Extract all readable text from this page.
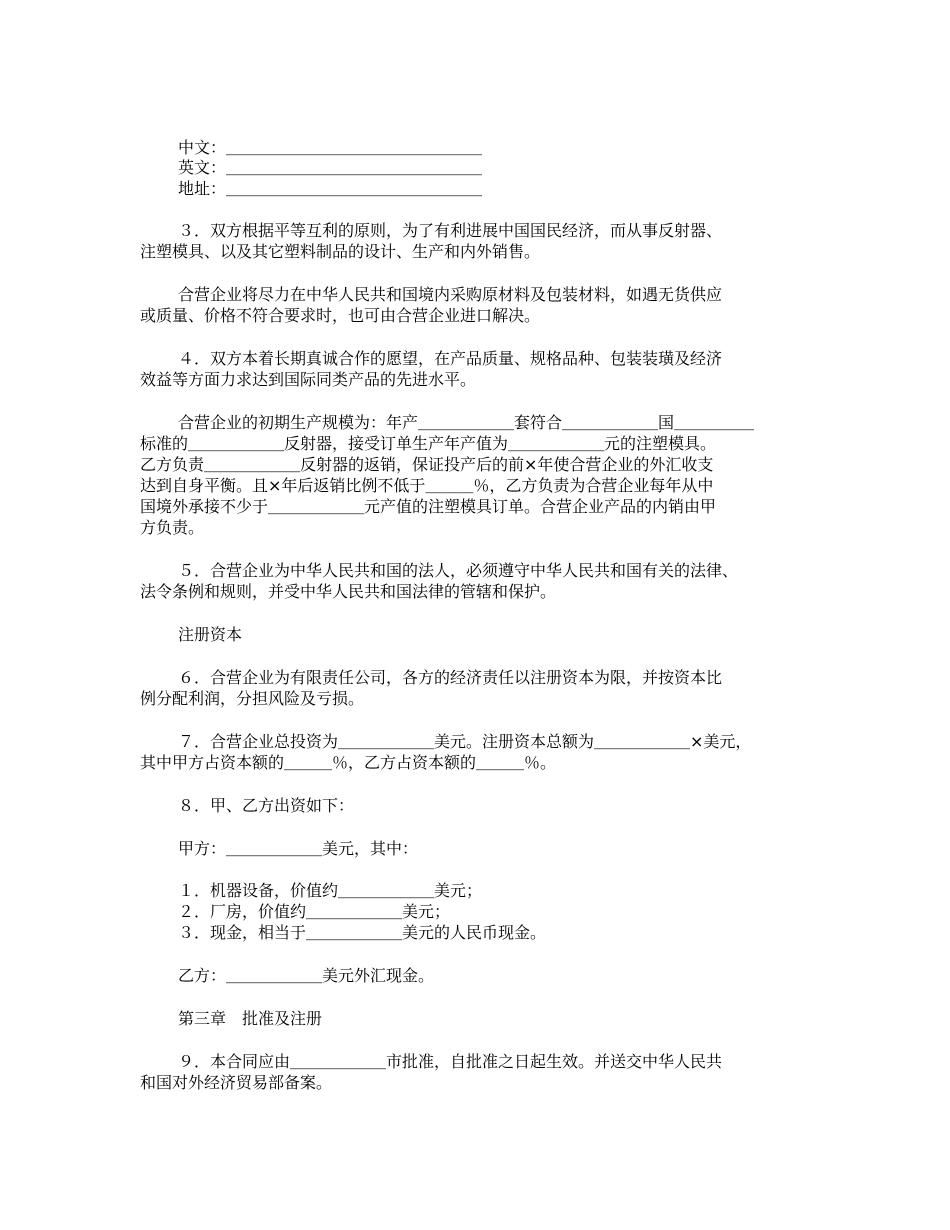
中文：＿＿＿＿＿＿＿＿＿＿＿＿＿＿＿＿
英文：＿＿＿＿＿＿＿＿＿＿＿＿＿＿＿＿
地址：＿＿＿＿＿＿＿＿＿＿＿＿＿＿＿＿
３．双方根据平等互利的原则，为了有利进展中国国民经济，而从事反射器、
注塑模具、以及其它塑料制品的设计、生产和内外销售。
合营企业将尽力在中华人民共和国境内采购原材料及包装材料，如遇无货供应
或质量、价格不符合要求时，也可由合营企业进口解决。
４．双方本着长期真诚合作的愿望，在产品质量、规格品种、包装装璜及经济
效益等方面力求达到国际同类产品的先进水平。
合营企业的初期生产规模为：年产＿＿＿＿＿＿套符合＿＿＿＿＿＿国＿＿＿＿＿
标准的＿＿＿＿＿＿反射器，接受订单生产年产值为＿＿＿＿＿＿元的注塑模具。
乙方负责＿＿＿＿＿＿反射器的返销，保证投产后的前×年使合营企业的外汇收支
达到自身平衡。且×年后返销比例不低于＿＿＿％，乙方负责为合营企业每年从中
国境外承接不少于＿＿＿＿＿＿元产值的注塑模具订单。合营企业产品的内销由甲
方负责。
５．合营企业为中华人民共和国的法人，必须遵守中华人民共和国有关的法律、
法令条例和规则，并受中华人民共和国法律的管辖和保护。
注册资本
６．合营企业为有限责任公司，各方的经济责任以注册资本为限，并按资本比
例分配利润，分担风险及亏损。
７．合营企业总投资为＿＿＿＿＿＿美元。注册资本总额为＿＿＿＿＿＿×美元，
其中甲方占资本额的＿＿＿％，乙方占资本额的＿＿＿％。
８．甲、乙方出资如下：
甲方：＿＿＿＿＿＿美元，其中：
１．机器设备，价值约＿＿＿＿＿＿美元；
２．厂房，价值约＿＿＿＿＿＿美元；
３．现金，相当于＿＿＿＿＿＿美元的人民币现金。
乙方：＿＿＿＿＿＿美元外汇现金。
第三章　批准及注册
９．本合同应由＿＿＿＿＿＿市批准，自批准之日起生效。并送交中华人民共
和国对外经济贸易部备案。
